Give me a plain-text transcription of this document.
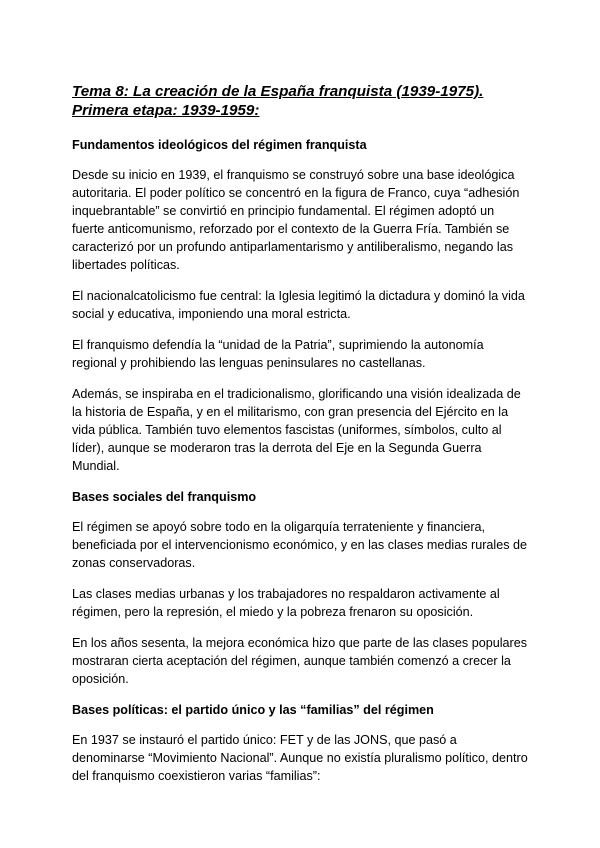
Tema 8: La creación de la España franquista (1939-1975).
Primera etapa: 1939-1959:
Fundamentos ideológicos del régimen franquista

Desde su inicio en 1939, el franquismo se construyó sobre una base ideológica autoritaria. El poder político se concentró en la figura de Franco, cuya “adhesión inquebrantable” se convirtió en principio fundamental. El régimen adoptó un fuerte anticomunismo, reforzado por el contexto de la Guerra Fría. También se caracterizó por un profundo antiparlamentarismo y antiliberalismo, negando las libertades políticas.

El nacionalcatolicismo fue central: la Iglesia legitimó la dictadura y dominó la vida social y educativa, imponiendo una moral estricta.

El franquismo defendía la “unidad de la Patria”, suprimiendo la autonomía regional y prohibiendo las lenguas peninsulares no castellanas.

Además, se inspiraba en el tradicionalismo, glorificando una visión idealizada de la historia de España, y en el militarismo, con gran presencia del Ejército en la vida pública. También tuvo elementos fascistas (uniformes, símbolos, culto al líder), aunque se moderaron tras la derrota del Eje en la Segunda Guerra Mundial.

Bases sociales del franquismo

El régimen se apoyó sobre todo en la oligarquía terrateniente y financiera, beneficiada por el intervencionismo económico, y en las clases medias rurales de zonas conservadoras.

Las clases medias urbanas y los trabajadores no respaldaron activamente al régimen, pero la represión, el miedo y la pobreza frenaron su oposición.

En los años sesenta, la mejora económica hizo que parte de las clases populares mostraran cierta aceptación del régimen, aunque también comenzó a crecer la oposición.

Bases políticas: el partido único y las “familias” del régimen

En 1937 se instauró el partido único: FET y de las JONS, que pasó a denominarse “Movimiento Nacional”. Aunque no existía pluralismo político, dentro del franquismo coexistieron varias “familias”:
